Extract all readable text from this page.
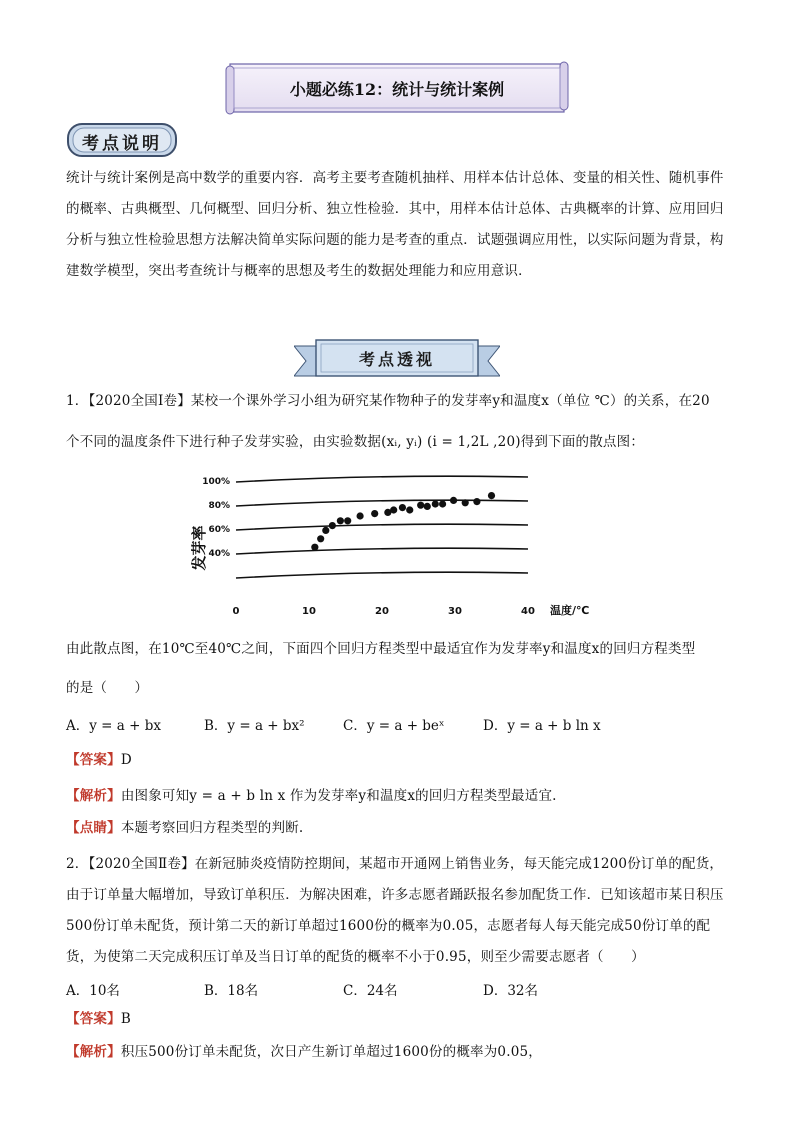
小题必练12：统计与统计案例
考点说明
统计与统计案例是高中数学的重要内容．高考主要考查随机抽样、用样本估计总体、变量的相关性、随机事件
的概率、古典概型、几何概型、回归分析、独立性检验．其中，用样本估计总体、古典概率的计算、应用回归
分析与独立性检验思想方法解决简单实际问题的能力是考查的重点．试题强调应用性，以实际问题为背景，构
建数学模型，突出考查统计与概率的思想及考生的数据处理能力和应用意识．
考点透视
1．【2020全国Ⅰ卷】某校一个课外学习小组为研究某作物种子的发芽率y和温度x（单位 ℃）的关系，在20
个不同的温度条件下进行种子发芽实验，由实验数据(xᵢ, yᵢ) (i = 1,2L ,20)得到下面的散点图：
40%
60%
80%
100%
0	10	20	30	40
发芽率
温度/℃
由此散点图，在10℃至40℃之间，下面四个回归方程类型中最适宜作为发芽率y和温度x的回归方程类型
的是（　　）
A．y = a + bx	B．y = a + bx²	C．y = a + beˣ	D．y = a + b ln x
【答案】D
【解析】由图象可知y = a + b ln x 作为发芽率y和温度x的回归方程类型最适宜.
【点睛】本题考察回归方程类型的判断.
2．【2020全国Ⅱ卷】在新冠肺炎疫情防控期间，某超市开通网上销售业务，每天能完成1200份订单的配货，
由于订单量大幅增加，导致订单积压．为解决困难，许多志愿者踊跃报名参加配货工作．已知该超市某日积压
500份订单未配货，预计第二天的新订单超过1600份的概率为0.05，志愿者每人每天能完成50份订单的配
货，为使第二天完成积压订单及当日订单的配货的概率不小于0.95，则至少需要志愿者（　　）
A．10名	B．18名	C．24名	D．32名
【答案】B
【解析】积压500份订单未配货，次日产生新订单超过1600份的概率为0.05，
